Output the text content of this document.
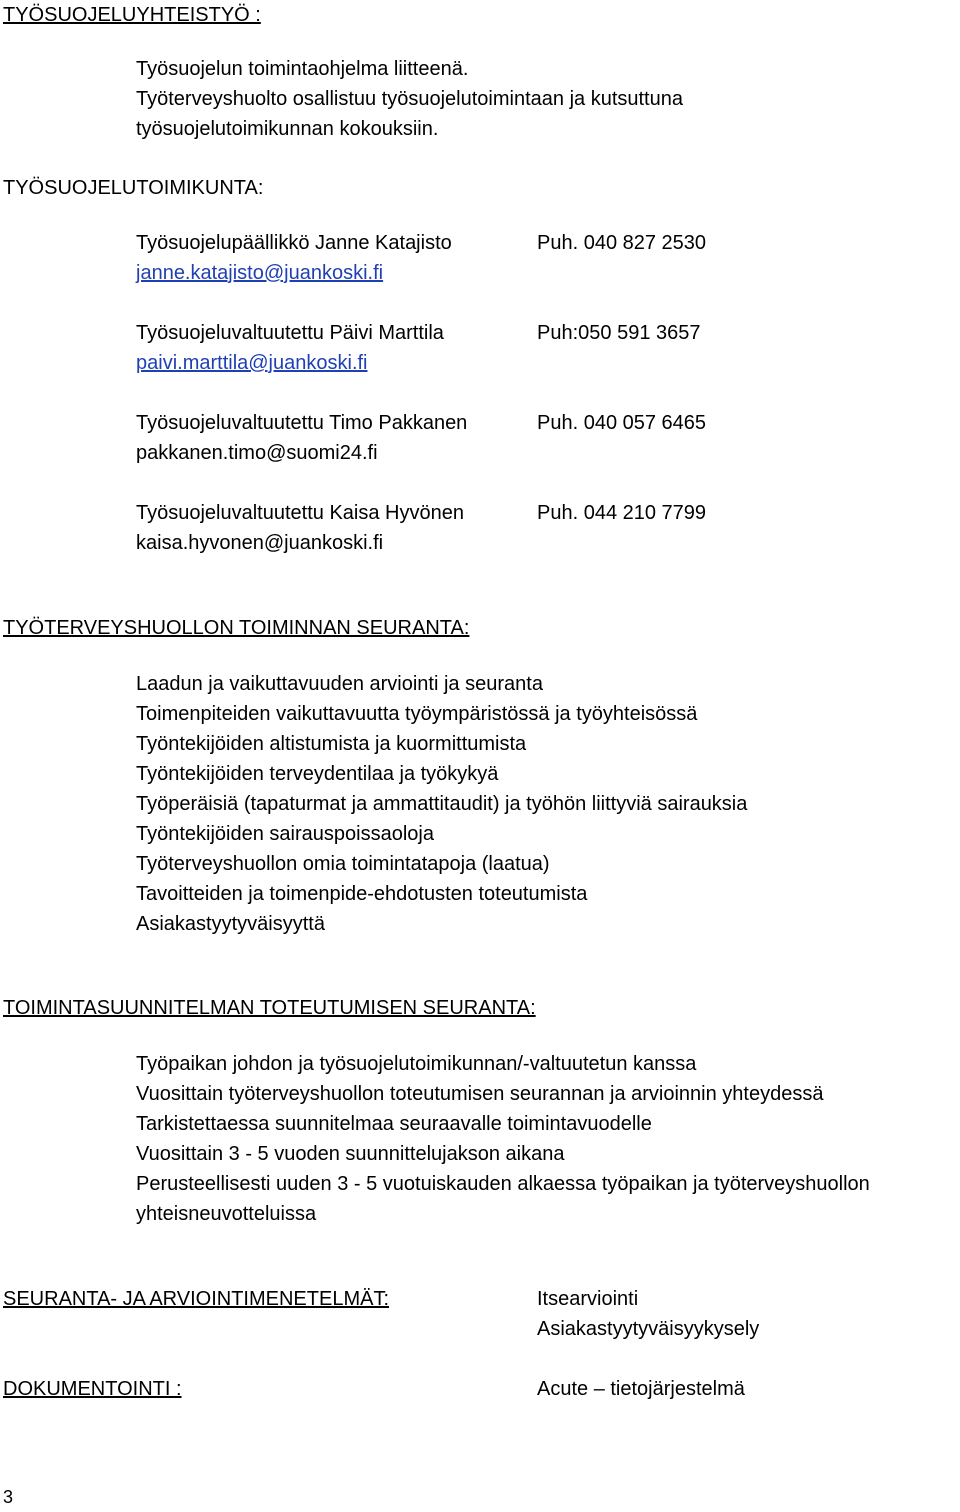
TYÖSUOJELUYHTEISTYÖ :
Työsuojelun toimintaohjelma liitteenä.
Työterveyshuolto osallistuu työsuojelutoimintaan ja kutsuttuna
työsuojelutoimikunnan kokouksiin.
TYÖSUOJELUTOIMIKUNTA:
Työsuojelupäällikkö Janne Katajisto	Puh. 040 827 2530
janne.katajisto@juankoski.fi
Työsuojeluvaltuutettu Päivi Marttila	Puh:050 591 3657
paivi.marttila@juankoski.fi
Työsuojeluvaltuutettu Timo Pakkanen	Puh. 040 057 6465
pakkanen.timo@suomi24.fi
Työsuojeluvaltuutettu Kaisa Hyvönen	Puh. 044 210 7799
kaisa.hyvonen@juankoski.fi
TYÖTERVEYSHUOLLON TOIMINNAN SEURANTA:
Laadun ja vaikuttavuuden arviointi ja seuranta
Toimenpiteiden vaikuttavuutta työympäristössä ja työyhteisössä
Työntekijöiden altistumista ja kuormittumista
Työntekijöiden terveydentilaa ja työkykyä
Työperäisiä (tapaturmat ja ammattitaudit) ja työhön liittyviä sairauksia
Työntekijöiden sairauspoissaoloja
Työterveyshuollon omia toimintatapoja (laatua)
Tavoitteiden ja toimenpide-ehdotusten toteutumista
Asiakastyytyväisyyttä
TOIMINTASUUNNITELMAN TOTEUTUMISEN SEURANTA:
Työpaikan johdon ja työsuojelutoimikunnan/-valtuutetun kanssa
Vuosittain työterveyshuollon toteutumisen seurannan ja arvioinnin yhteydessä
Tarkistettaessa suunnitelmaa seuraavalle toimintavuodelle
Vuosittain 3 - 5 vuoden suunnittelujakson aikana
Perusteellisesti uuden 3 - 5 vuotuiskauden alkaessa työpaikan ja työterveyshuollon
yhteisneuvotteluissa
SEURANTA- JA ARVIOINTIMENETELMÄT:	Itsearviointi
Asiakastyytyväisyykysely
DOKUMENTOINTI :	Acute – tietojärjestelmä
3
